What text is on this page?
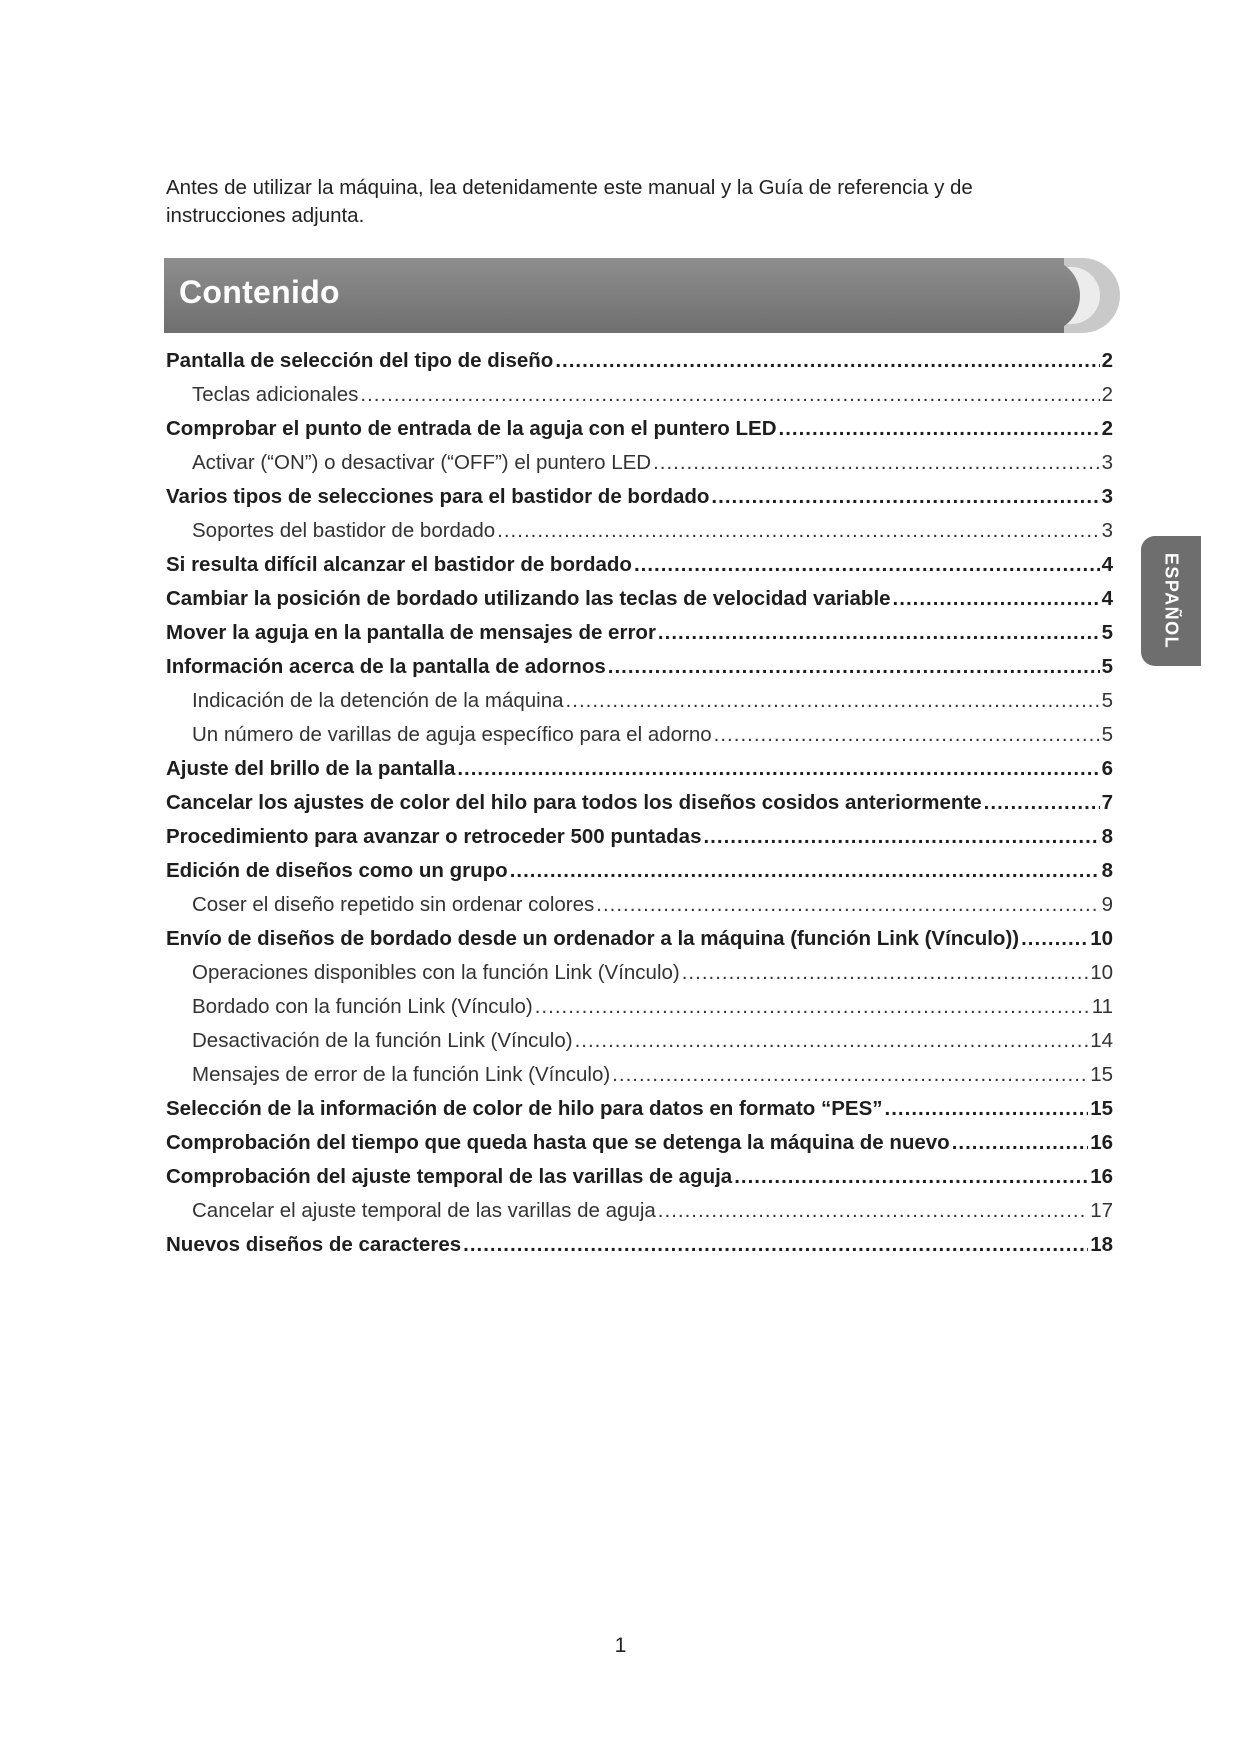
Antes de utilizar la máquina, lea detenidamente este manual y la Guía de referencia y de instrucciones adjunta.
Contenido
Pantalla de selección del tipo de diseño .....	2
Teclas adicionales .....	2
Comprobar el punto de entrada de la aguja con el puntero LED .....	2
Activar (“ON”) o desactivar (“OFF”) el puntero LED .....	3
Varios tipos de selecciones para el bastidor de bordado .....	3
Soportes del bastidor de bordado .....	3
Si resulta difícil alcanzar el bastidor de bordado .....	4
Cambiar la posición de bordado utilizando las teclas de velocidad variable .....	4
Mover la aguja en la pantalla de mensajes de error .....	5
Información acerca de la pantalla de adornos .....	5
Indicación de la detención de la máquina .....	5
Un número de varillas de aguja específico para el adorno .....	5
Ajuste del brillo de la pantalla .....	6
Cancelar los ajustes de color del hilo para todos los diseños cosidos anteriormente .....	7
Procedimiento para avanzar o retroceder 500 puntadas .....	8
Edición de diseños como un grupo .....	8
Coser el diseño repetido sin ordenar colores .....	9
Envío de diseños de bordado desde un ordenador a la máquina (función Link (Vínculo)) .....	10
Operaciones disponibles con la función Link (Vínculo) .....	10
Bordado con la función Link (Vínculo) .....	11
Desactivación de la función Link (Vínculo) .....	14
Mensajes de error de la función Link (Vínculo) .....	15
Selección de la información de color de hilo para datos en formato “PES” .....	15
Comprobación del tiempo que queda hasta que se detenga la máquina de nuevo .....	16
Comprobación del ajuste temporal de las varillas de aguja .....	16
Cancelar el ajuste temporal de las varillas de aguja .....	17
Nuevos diseños de caracteres .....	18
ESPAÑOL
1
